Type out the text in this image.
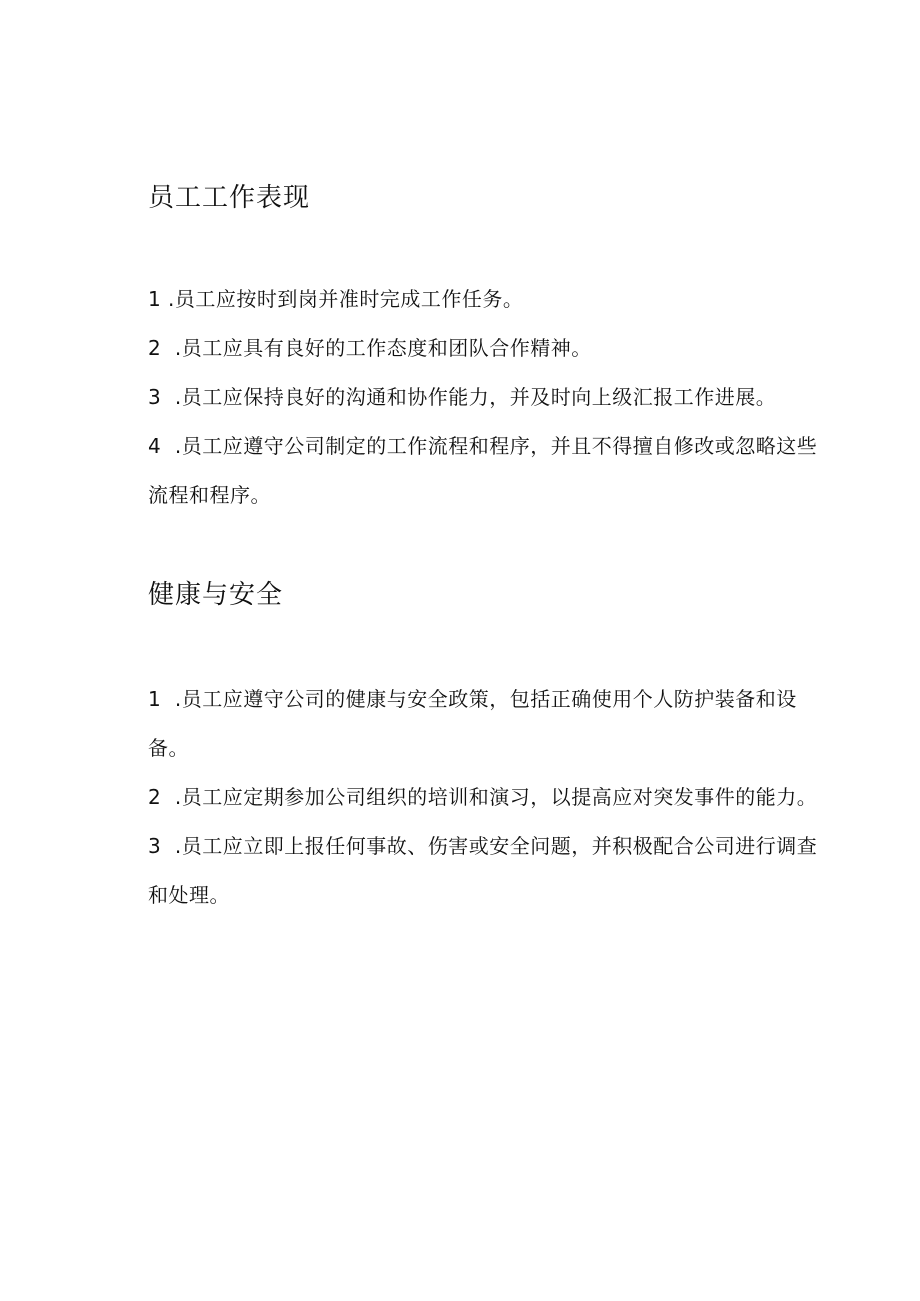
员工工作表现
1 .员工应按时到岗并准时完成工作任务。
2 .员工应具有良好的工作态度和团队合作精神。
3 .员工应保持良好的沟通和协作能力，并及时向上级汇报工作进展。
4 .员工应遵守公司制定的工作流程和程序，并且不得擅自修改或忽略这些流程和程序。
健康与安全
1 .员工应遵守公司的健康与安全政策，包括正确使用个人防护装备和设备。
2 .员工应定期参加公司组织的培训和演习，以提高应对突发事件的能力。
3 .员工应立即上报任何事故、伤害或安全问题，并积极配合公司进行调查和处理。
